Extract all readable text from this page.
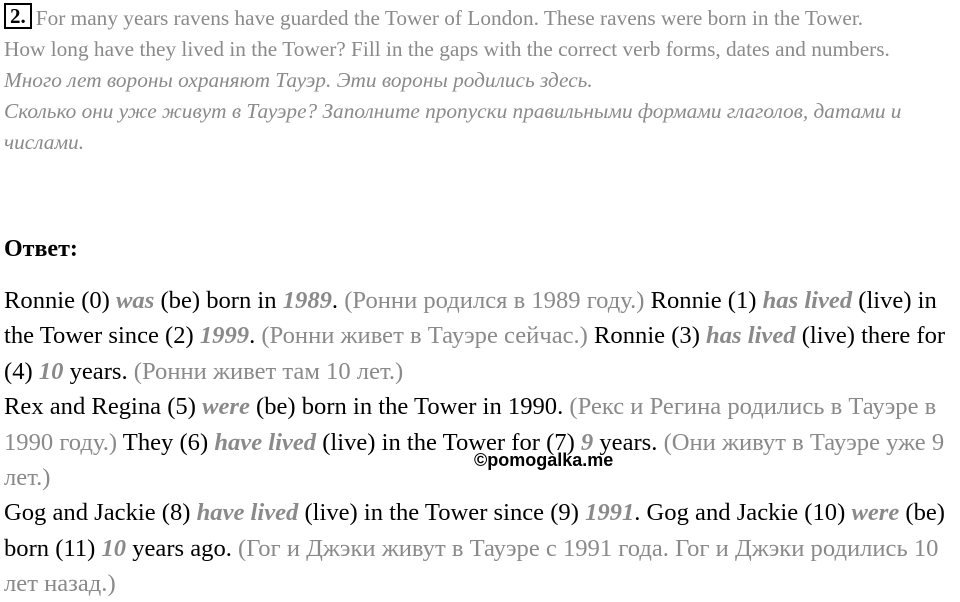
2. For many years ravens have guarded the Tower of London. These ravens were born in the Tower.

How long have they lived in the Tower? Fill in the gaps with the correct verb forms, dates and numbers.

Много лет вороны охраняют Тауэр. Эти вороны родились здесь.

Сколько они уже живут в Тауэре? Заполните пропуски правильными формами глаголов, датами и числами.

Ответ:

Ronnie (0) was (be) born in 1989. (Ронни родился в 1989 году.) Ronnie (1) has lived (live) in the Tower since (2) 1999. (Ронни живет в Тауэре сейчас.) Ronnie (3) has lived (live) there for (4) 10 years. (Ронни живет там 10 лет.)

Rex and Regina (5) were (be) born in the Tower in 1990. (Рекс и Регина родились в Тауэре в 1990 году.) They (6) have lived (live) in the Tower for (7) 9 years. (Они живут в Тауэре уже 9 лет.)

Gog and Jackie (8) have lived (live) in the Tower since (9) 1991. Gog and Jackie (10) were (be) born (11) 10 years ago. (Гог и Джэки живут в Тауэре с 1991 года. Гог и Джэки родились 10 лет назад.)

©pomogalka.me
